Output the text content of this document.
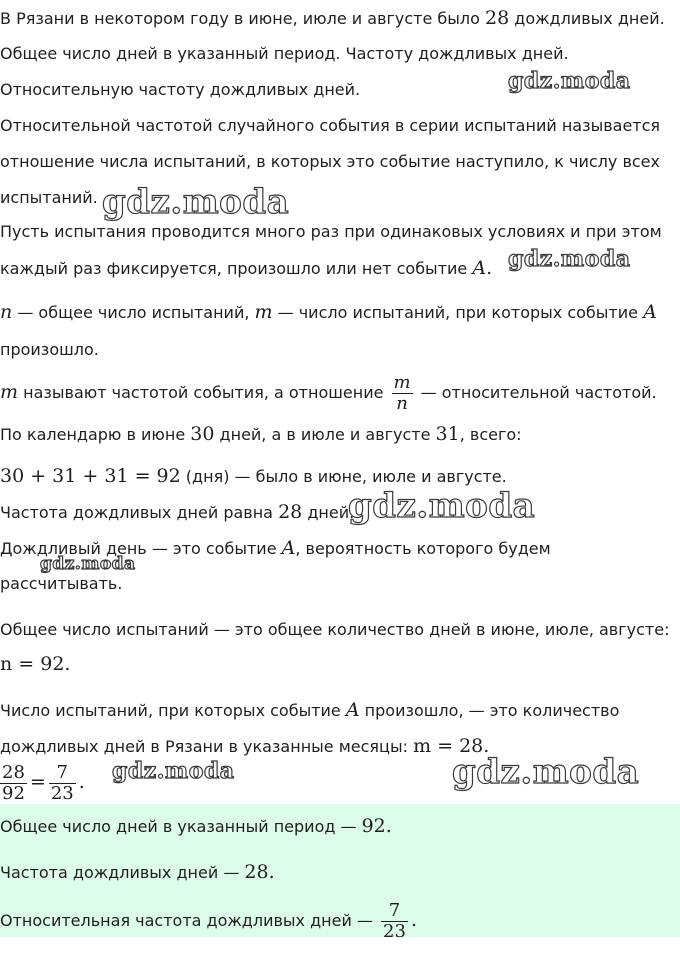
В Рязани в некотором году в июне, июле и августе было 28 дождливых дней.
Общее число дней в указанный период. Частоту дождливых дней.
Относительную частоту дождливых дней.
Относительной частотой случайного события в серии испытаний называется
отношение числа испытаний, в которых это событие наступило, к числу всех
испытаний.
Пусть испытания проводится много раз при одинаковых условиях и при этом
каждый раз фиксируется, произошло или нет событие A.
n — общее число испытаний, m — число испытаний, при которых событие A
произошло.
m называют частотой события, а отношение $\frac{m}{n}$ — относительной частотой.
По календарю в июне 30 дней, а в июле и августе 31, всего:
30 + 31 + 31 = 92 (дня) — было в июне, июле и августе.
Частота дождливых дней равна 28 дней.
Дождливый день — это событие A, вероятность которого будем
рассчитывать.
Общее число испытаний — это общее количество дней в июне, июле, августе:
n = 92.
Число испытаний, при которых событие A произошло, — это количество
дождливых дней в Рязани в указанные месяцы: m = 28.
$\frac{28}{92} = \frac{7}{23}$ .
Общее число дней в указанный период — 92.
Частота дождливых дней — 28.
Относительная частота дождливых дней — $\frac{7}{23}$ .
gdz.moda
gdz.moda
gdz.moda
gdz.moda
gdz.moda
gdz.moda	gdz.moda
